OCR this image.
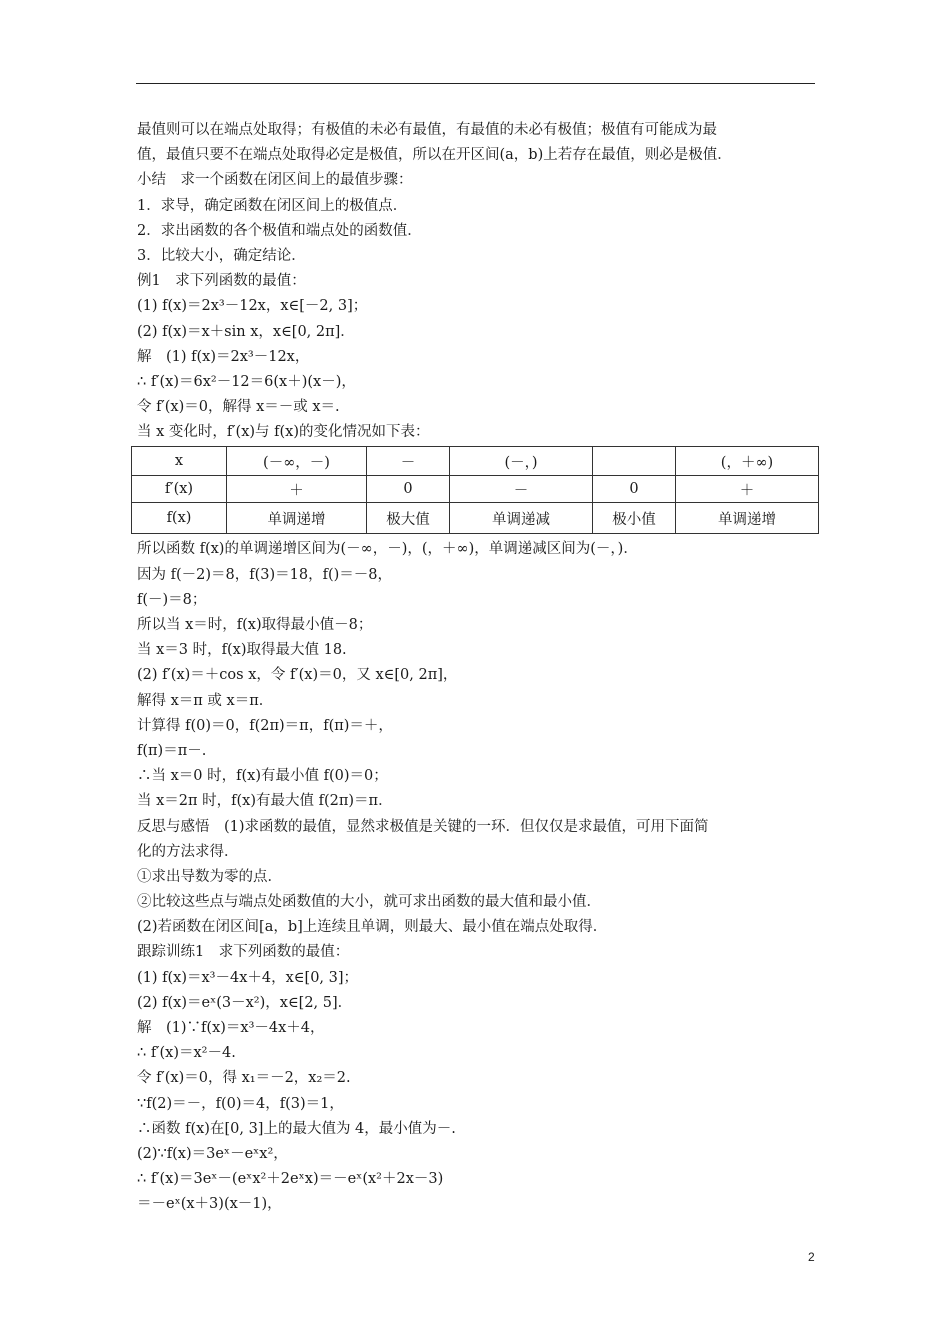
最值则可以在端点处取得；有极值的未必有最值，有最值的未必有极值；极值有可能成为最
值，最值只要不在端点处取得必定是极值，所以在开区间(a，b)上若存在最值，则必是极值．
小结　求一个函数在闭区间上的最值步骤：
1．求导，确定函数在闭区间上的极值点．
2．求出函数的各个极值和端点处的函数值．
3．比较大小，确定结论．
例1　求下列函数的最值：
(1) f(x)＝2x³－12x，x∈[－2, 3]；
(2) f(x)＝x＋sin x，x∈[0, 2π]．
解　(1) f(x)＝2x³－12x，
∴ f′(x)＝6x²－12＝6(x＋)(x－)，
令 f′(x)＝0，解得 x＝－或 x＝.
当 x 变化时，f′(x)与 f(x)的变化情况如下表：
x	(－∞，－)	－	(－，)		(，＋∞)
f′(x)	＋	0	－	0	＋
f(x)	单调递增	极大值	单调递减	极小值	单调递增
所以函数 f(x)的单调递增区间为(－∞，－)，(，＋∞)，单调递减区间为(－，)．
因为 f(－2)＝8，f(3)＝18，f()＝－8，
f(－)＝8；
所以当 x＝时，f(x)取得最小值－8；
当 x＝3 时，f(x)取得最大值 18.
(2) f′(x)＝＋cos x，令 f′(x)＝0，又 x∈[0, 2π]，
解得 x＝π 或 x＝π．
计算得 f(0)＝0，f(2π)＝π，f(π)＝＋，
f(π)＝π－.
∴当 x＝0 时，f(x)有最小值 f(0)＝0；
当 x＝2π 时，f(x)有最大值 f(2π)＝π．
反思与感悟　(1)求函数的最值，显然求极值是关键的一环．但仅仅是求最值，可用下面简
化的方法求得．
①求出导数为零的点．
②比较这些点与端点处函数值的大小，就可求出函数的最大值和最小值．
(2)若函数在闭区间[a，b]上连续且单调，则最大、最小值在端点处取得．
跟踪训练1　求下列函数的最值：
(1) f(x)＝x³－4x＋4，x∈[0, 3]；
(2) f(x)＝eˣ(3－x²)，x∈[2, 5]．
解　(1)∵f(x)＝x³－4x＋4，
∴ f′(x)＝x²－4.
令 f′(x)＝0，得 x₁＝－2，x₂＝2.
∵f(2)＝－，f(0)＝4，f(3)＝1，
∴函数 f(x)在[0, 3]上的最大值为 4，最小值为－.
(2)∵f(x)＝3eˣ－eˣx²，
∴ f′(x)＝3eˣ－(eˣx²＋2eˣx)＝－eˣ(x²＋2x－3)
＝－eˣ(x＋3)(x－1)，
2
